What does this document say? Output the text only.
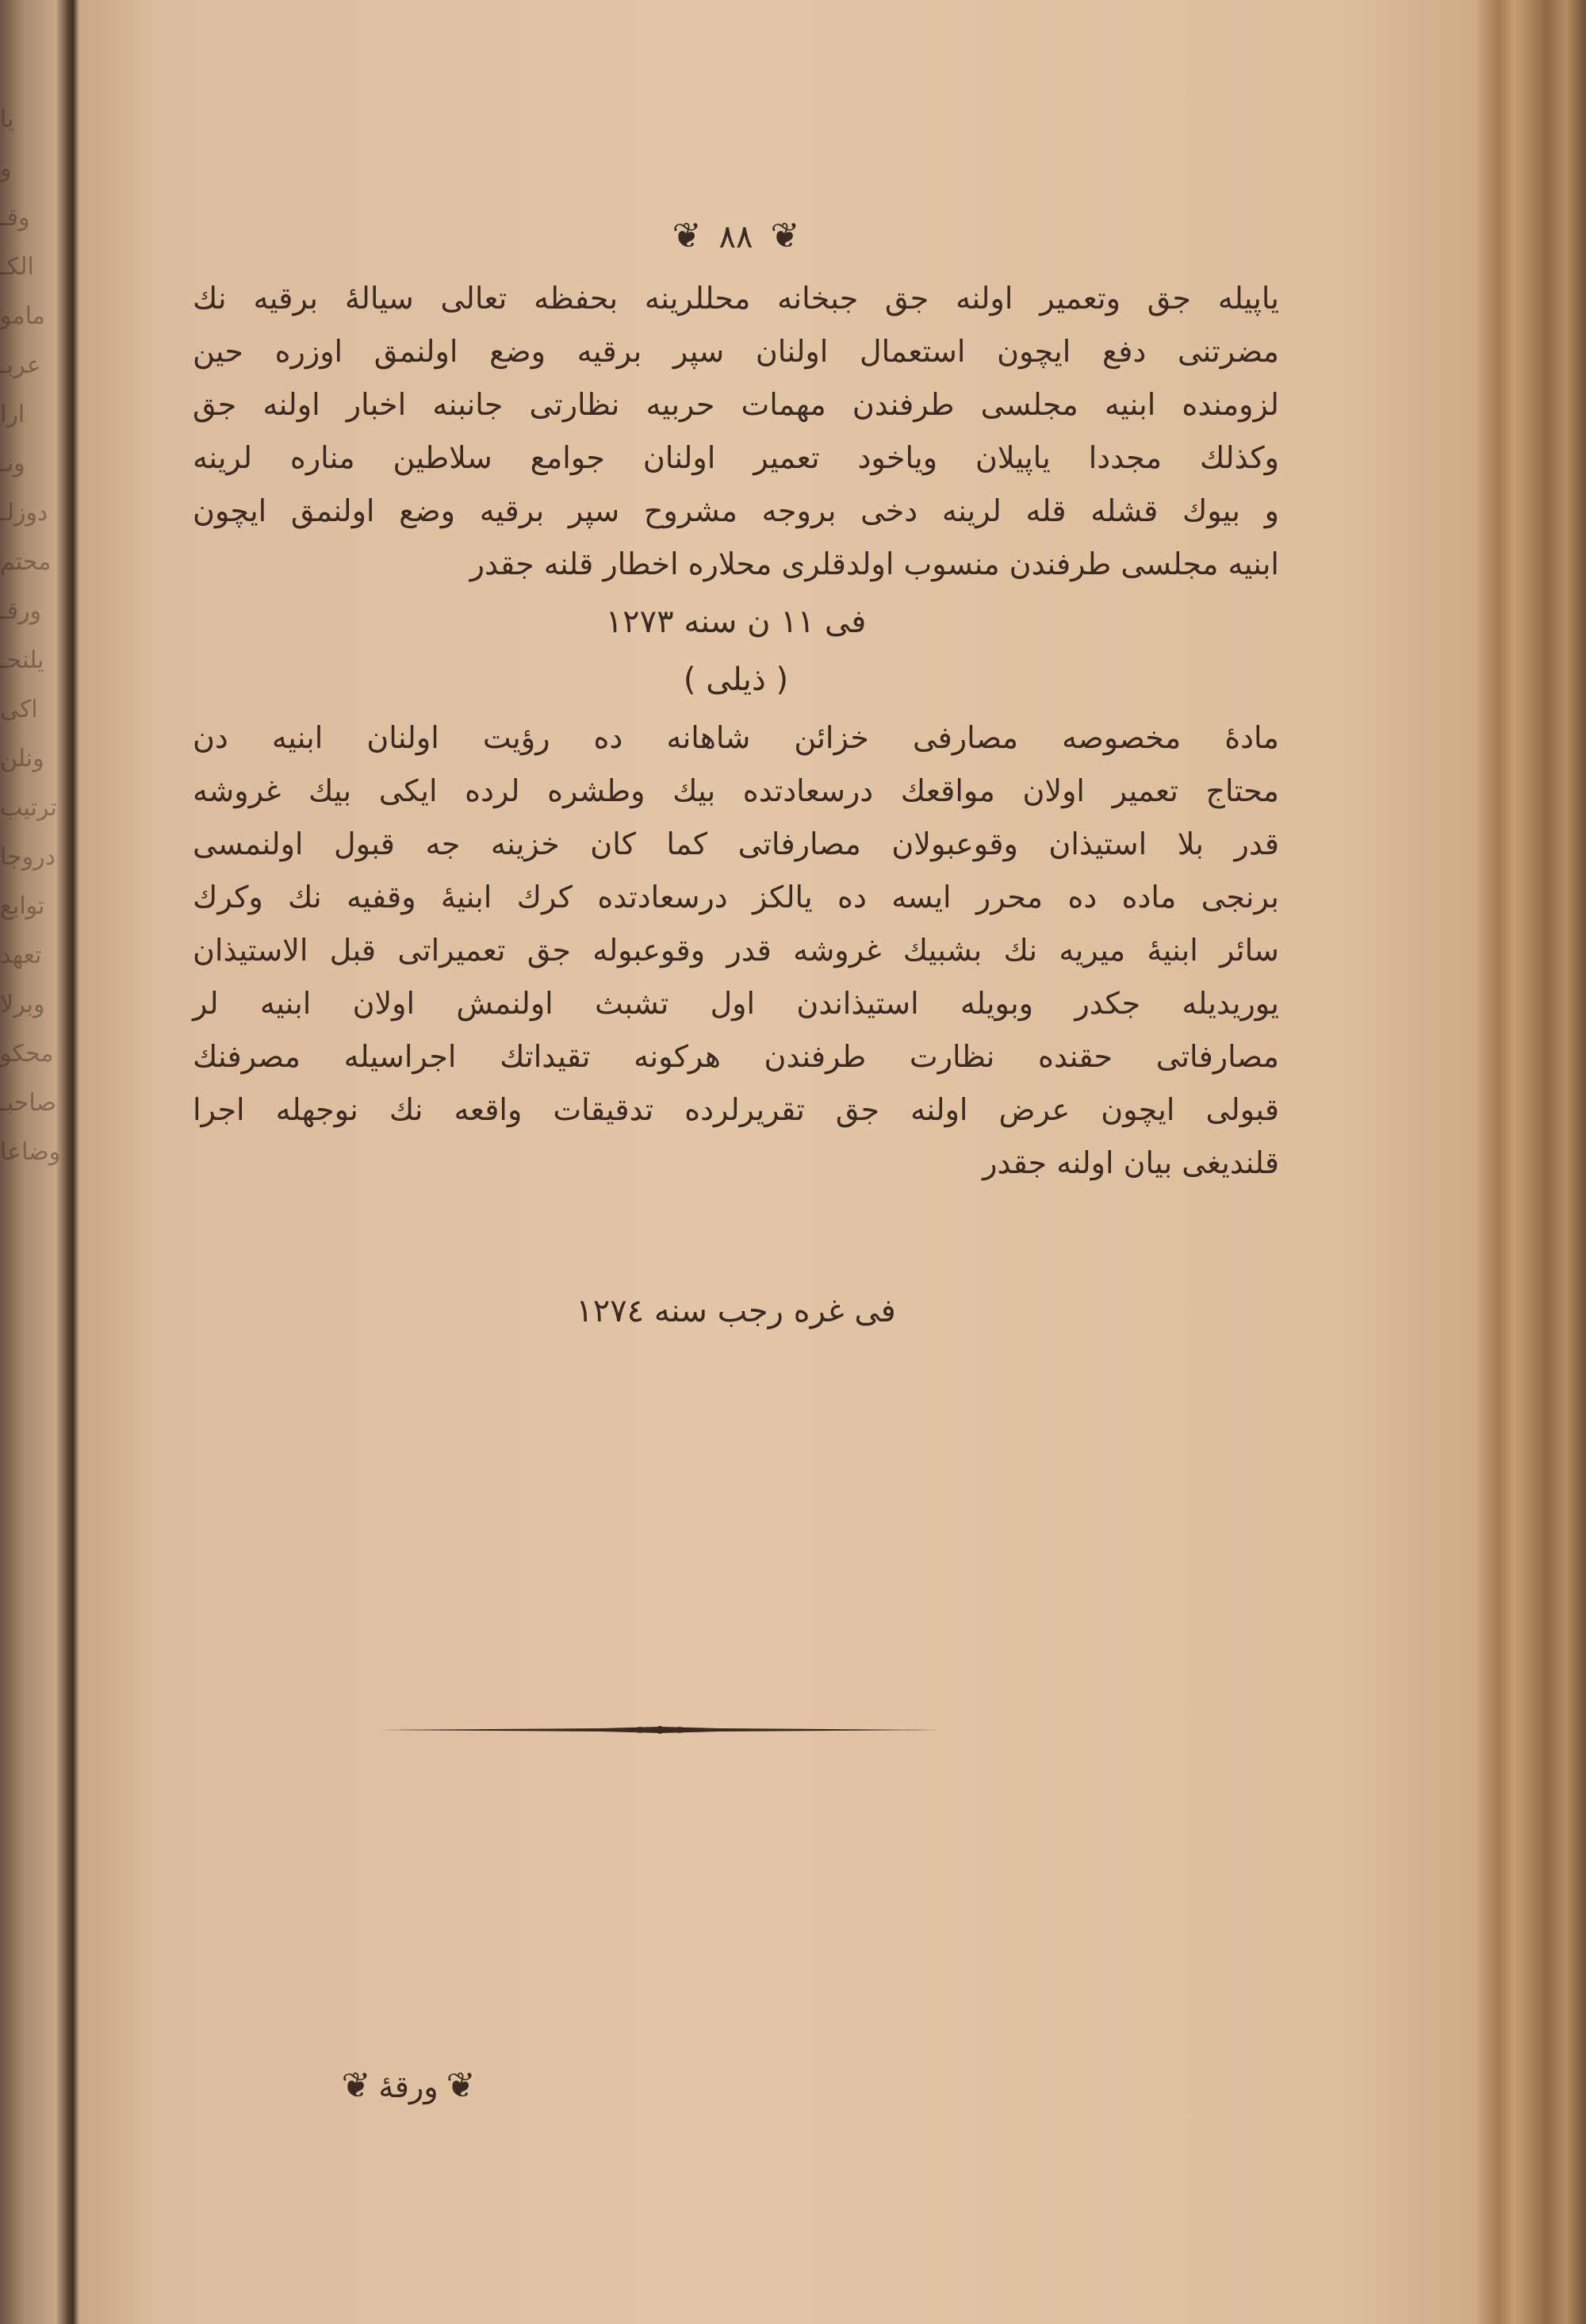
یا
و
وقـ
الکـ
مامو
عربـ
ارا
ونـ
دوزلـ
محتم
ورقـ
یلنحـ
اکی
ونلن
ترتیب
دروجا
توابع
تعهد
وبرلا
محکو
صاحبـ
وضاعا
❦٨٨❦
یاپیله جق وتعمیر اولنه جق جبخانه محللرینه بحفظه تعالی سیالهٔ برقیه نك
مضرتنی دفع ایچون استعمال اولنان سپر برقیه وضع اولنمق اوزره حین
لزومنده ابنیه مجلسی طرفندن مهمات حربیه نظارتی جانبنه اخبار اولنه جق
وکذلك مجددا یاپیلان ویاخود تعمیر اولنان جوامع سلاطین مناره لرینه
و بیوك قشله قله لرینه دخی بروجه مشروح سپر برقیه وضع اولنمق ایچون
ابنیه مجلسی طرفندن منسوب اولدقلری محلاره اخطار قلنه جقدر
فی ١١ ن سنه ١٢٧٣
( ذیلی )
مادهٔ مخصوصه مصارفی خزائن شاهانه ده رؤیت اولنان ابنیه دن
محتاج تعمیر اولان مواقعك درسعادتده بیك وطشره لرده ایکی بیك غروشه
قدر بلا استیذان وقوعبولان مصارفاتی کما کان خزینه جه قبول اولنمسی
برنجی ماده ده محرر ایسه ده یالکز درسعادتده کرك ابنیهٔ وقفیه نك وکرك
سائر ابنیهٔ میریه نك بشبیك غروشه قدر وقوعبوله جق تعمیراتی قبل الاستیذان
یوریدیله جکدر وبویله استیذاندن اول تشبث اولنمش اولان ابنیه لر
مصارفاتی حقنده نظارت طرفندن هرکونه تقیداتك اجراسیله مصرفنك
قبولی ایچون عرض اولنه جق تقریرلرده تدقیقات واقعه نك نوجهله اجرا
قلندیغی بیان اولنه جقدر
فی غره رجب سنه ١٢٧٤
❦ورقهٔ❦
